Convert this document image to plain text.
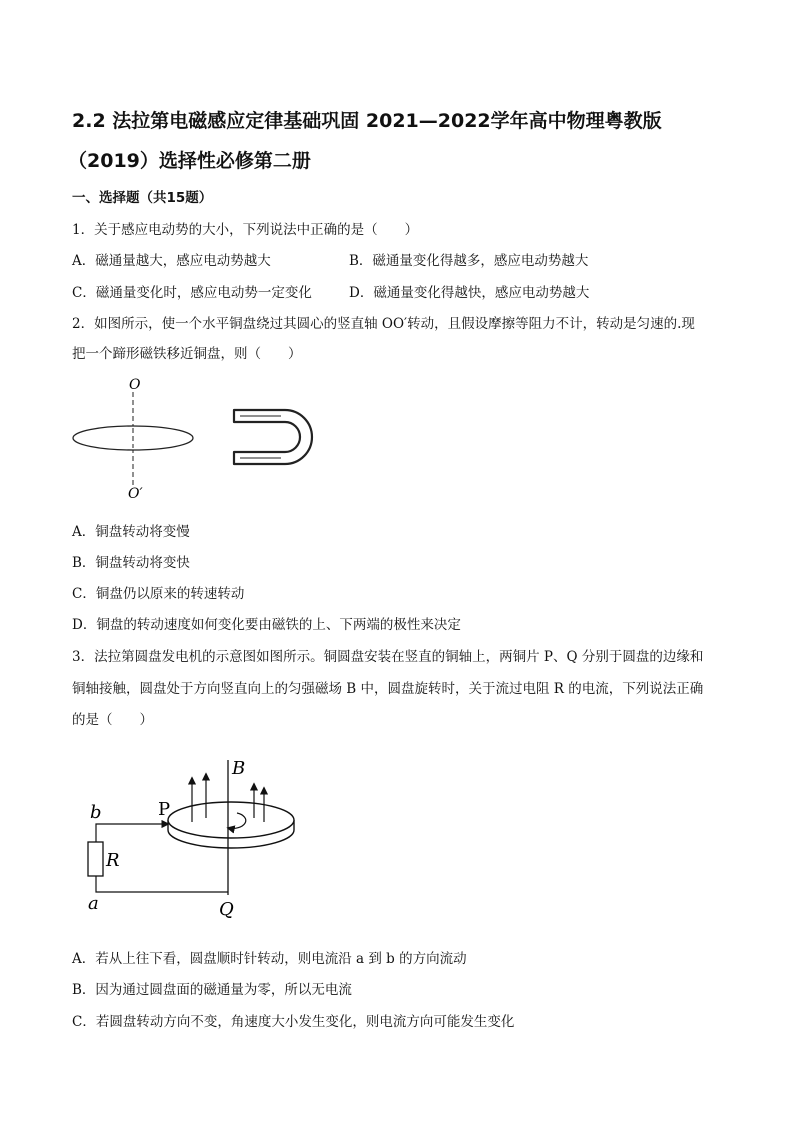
2.2 法拉第电磁感应定律基础巩固 2021—2022学年高中物理粤教版
（2019）选择性必修第二册
一、选择题（共15题）
1．关于感应电动势的大小，下列说法中正确的是（　　）
A．磁通量越大，感应电动势越大	B．磁通量变化得越多，感应电动势越大
C．磁通量变化时，感应电动势一定变化	D．磁通量变化得越快，感应电动势越大
2．如图所示，使一个水平铜盘绕过其圆心的竖直轴 OO′转动，且假设摩擦等阻力不计，转动是匀速的.现
把一个蹄形磁铁移近铜盘，则（　　）
O
O′
A．铜盘转动将变慢
B．铜盘转动将变快
C．铜盘仍以原来的转速转动
D．铜盘的转动速度如何变化要由磁铁的上、下两端的极性来决定
3．法拉第圆盘发电机的示意图如图所示。铜圆盘安装在竖直的铜轴上，两铜片 P、Q 分别于圆盘的边缘和
铜轴接触，圆盘处于方向竖直向上的匀强磁场 B 中，圆盘旋转时，关于流过电阻 R 的电流，下列说法正确
的是（　　）
B
P
b
R
a	Q
A．若从上往下看，圆盘顺时针转动，则电流沿 a 到 b 的方向流动
B．因为通过圆盘面的磁通量为零，所以无电流
C．若圆盘转动方向不变，角速度大小发生变化，则电流方向可能发生变化
